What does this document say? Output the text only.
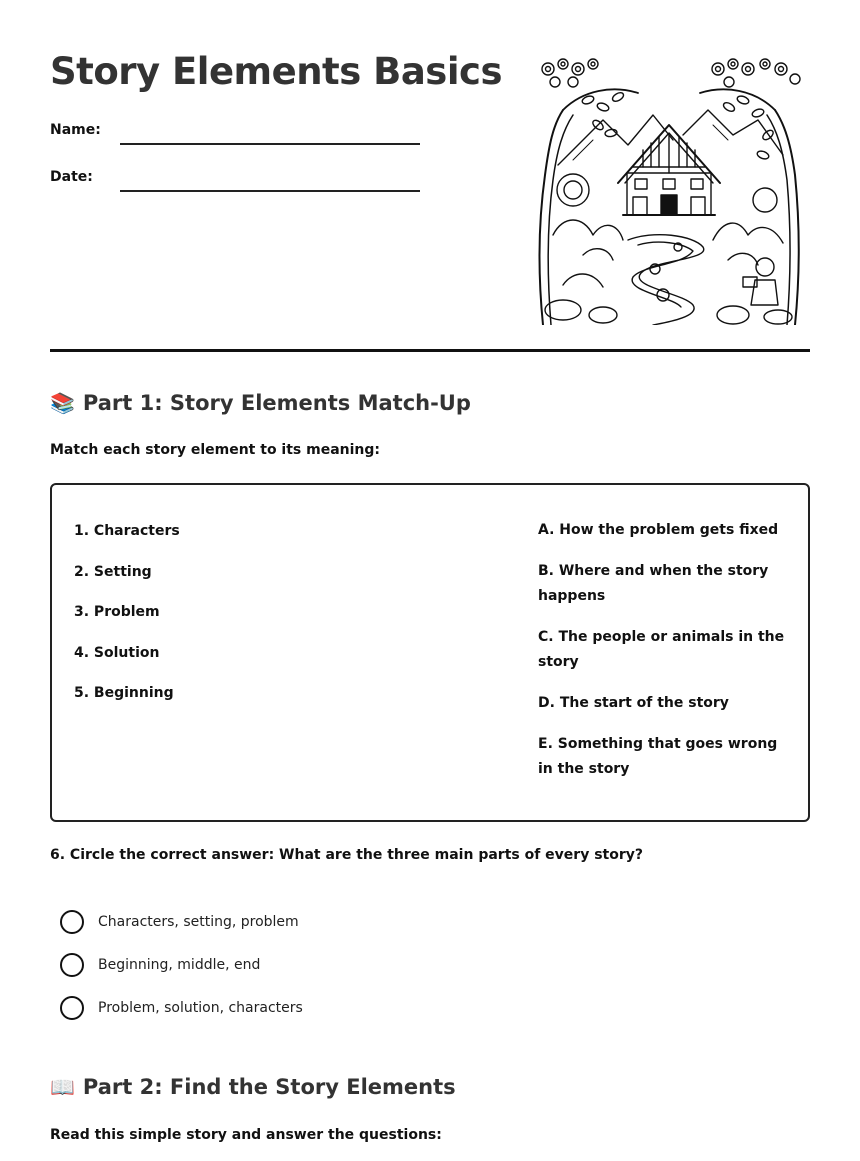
Story Elements Basics
Name:
Date:
📚 Part 1: Story Elements Match-Up
Match each story element to its meaning:
1. Characters
2. Setting
3. Problem
4. Solution
5. Beginning
A. How the problem gets fixed
B. Where and when the story happens
C. The people or animals in the story
D. The start of the story
E. Something that goes wrong in the story
6. Circle the correct answer: What are the three main parts of every story?
Characters, setting, problem
Beginning, middle, end
Problem, solution, characters
📖 Part 2: Find the Story Elements
Read this simple story and answer the questions:
